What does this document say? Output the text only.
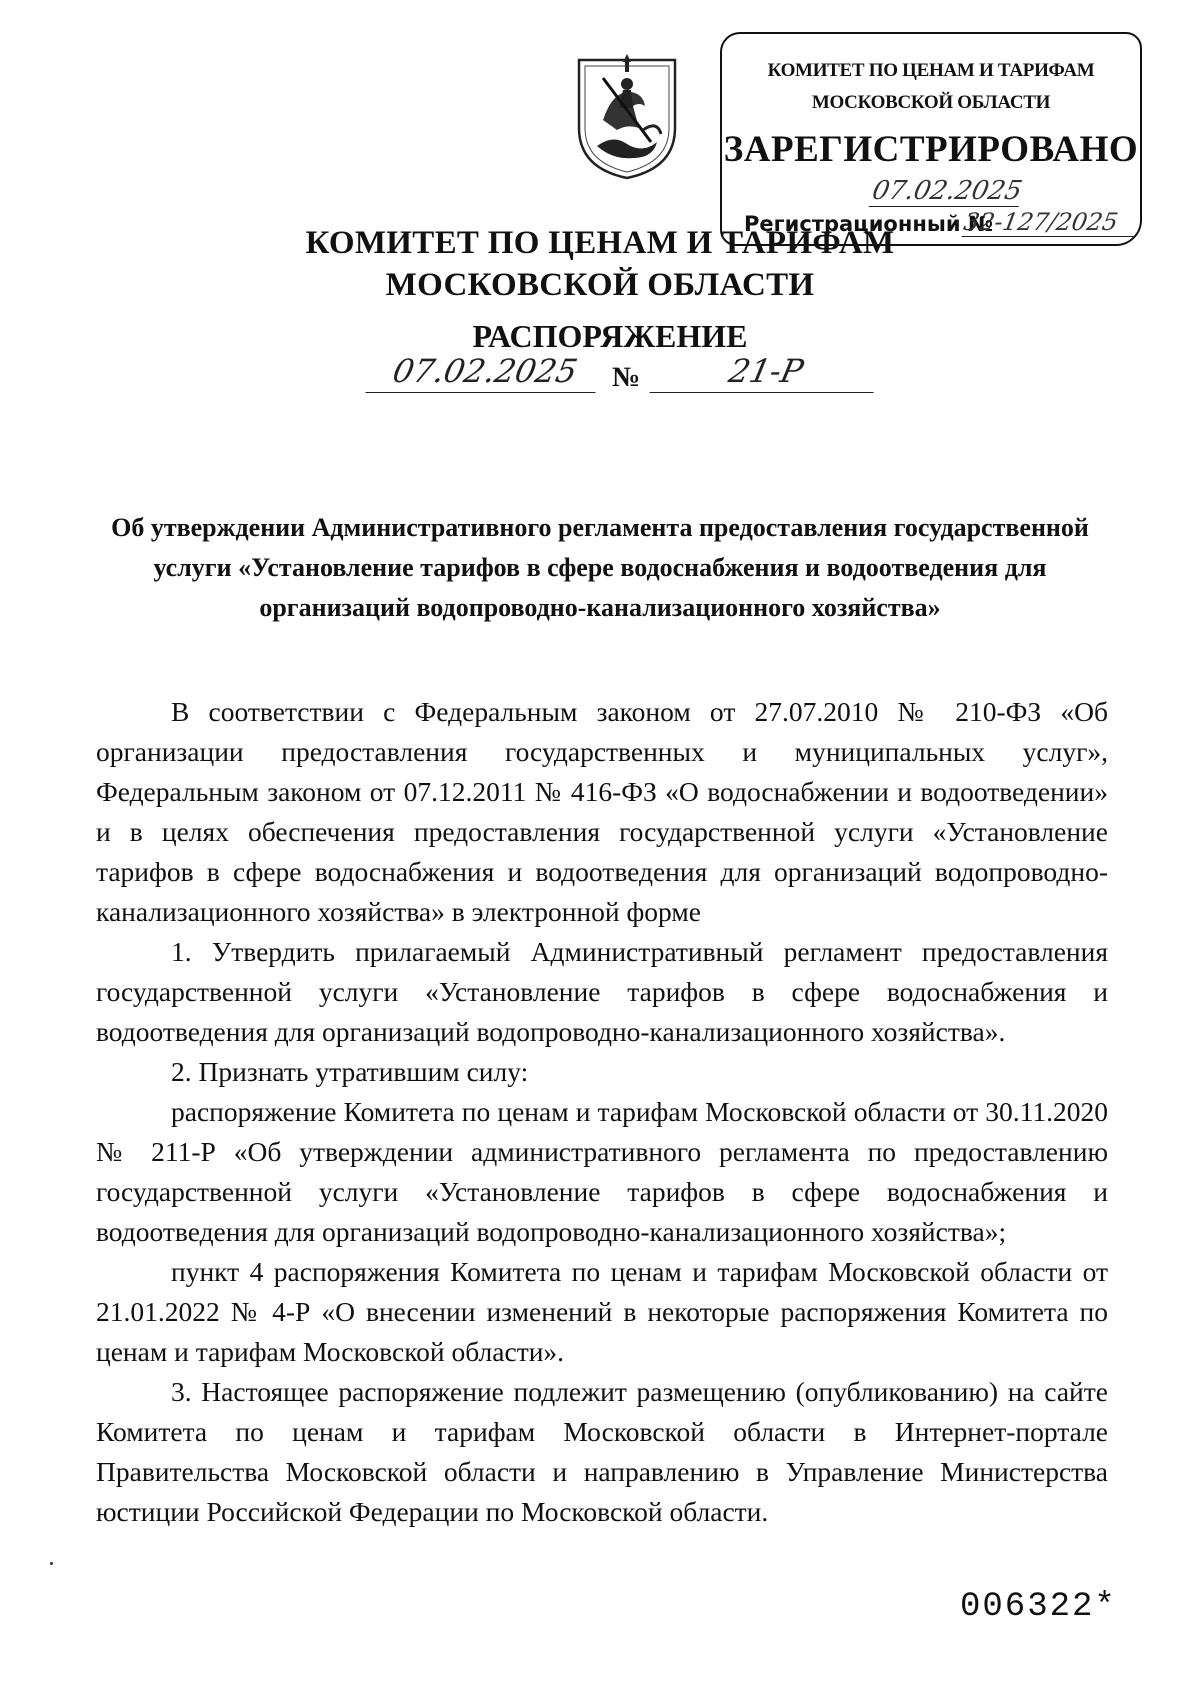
КОМИТЕТ ПО ЦЕНАМ И ТАРИФАМ
МОСКОВСКОЙ ОБЛАСТИ
ЗАРЕГИСТРИРОВАНО
07.02.2025
Регистрационный №
32-127/2025
КОМИТЕТ ПО ЦЕНАМ И ТАРИФАМ
МОСКОВСКОЙ ОБЛАСТИ
РАСПОРЯЖЕНИЕ
07.02.2025	№	21-Р
Об утверждении Административного регламента предоставления государственной услуги «Установление тарифов в сфере водоснабжения и водоотведения для организаций водопроводно-канализационного хозяйства»

В соответствии с Федеральным законом от 27.07.2010 № 210-ФЗ «Об организации предоставления государственных и муниципальных услуг», Федеральным законом от 07.12.2011 № 416-ФЗ «О водоснабжении и водоотведении» и в целях обеспечения предоставления государственной услуги «Установление тарифов в сфере водоснабжения и водоотведения для организаций водопроводно-канализационного хозяйства» в электронной форме

1. Утвердить прилагаемый Административный регламент предоставления государственной услуги «Установление тарифов в сфере водоснабжения и водоотведения для организаций водопроводно-канализационного хозяйства».

2. Признать утратившим силу:

распоряжение Комитета по ценам и тарифам Московской области от 30.11.2020 № 211-Р «Об утверждении административного регламента по предоставлению государственной услуги «Установление тарифов в сфере водоснабжения и водоотведения для организаций водопроводно-канализационного хозяйства»;

пункт 4 распоряжения Комитета по ценам и тарифам Московской области от 21.01.2022 № 4-Р «О внесении изменений в некоторые распоряжения Комитета по ценам и тарифам Московской области».

3. Настоящее распоряжение подлежит размещению (опубликованию) на сайте Комитета по ценам и тарифам Московской области в Интернет-портале Правительства Московской области и направлению в Управление Министерства юстиции Российской Федерации по Московской области.

006322*
